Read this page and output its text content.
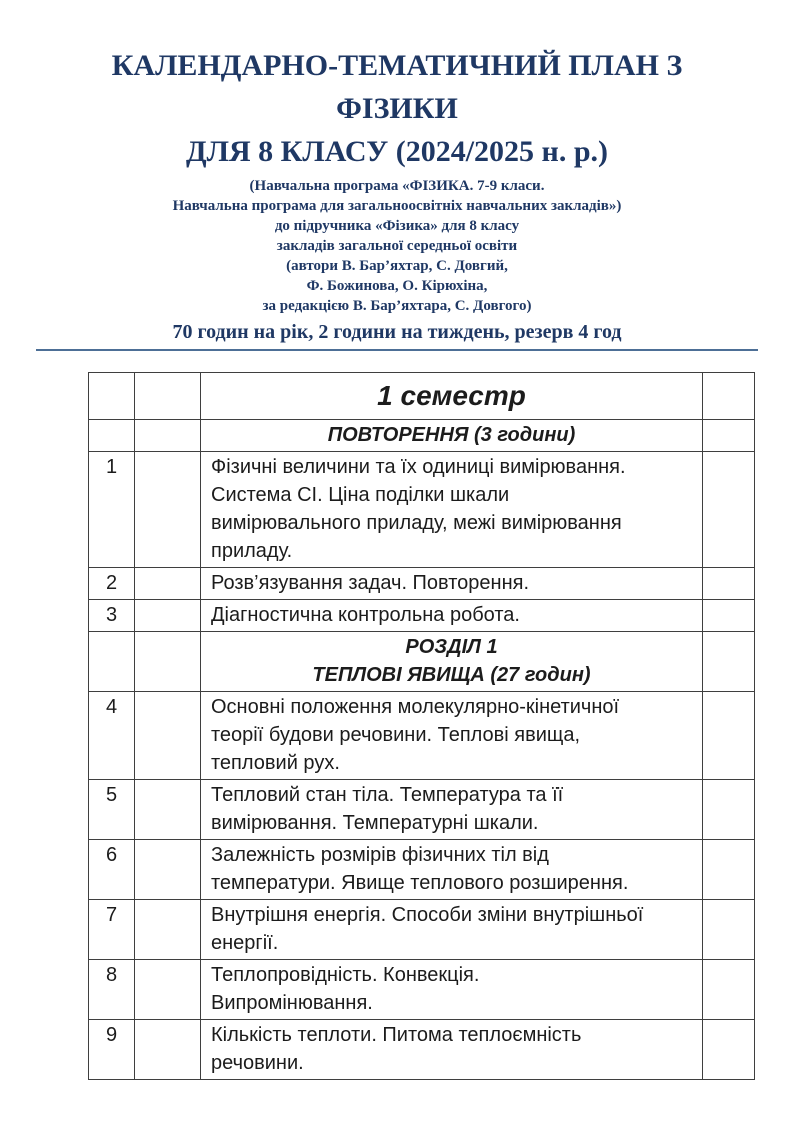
КАЛЕНДАРНО-ТЕМАТИЧНИЙ ПЛАН З
ФІЗИКИ
ДЛЯ 8 КЛАСУ (2024/2025 н. р.)
(Навчальна програма «ФІЗИКА. 7-9 класи.
Навчальна програма для загальноосвітніх навчальних закладів»)
до підручника «Фізика» для 8 класу
закладів загальної середньої освіти
(автори В. Бар’яхтар, С. Довгий,
Ф. Божинова, О. Кірюхіна,
за редакцією В. Бар’яхтара, С. Довгого)
70 годин на рік, 2 години на тиждень, резерв 4 год

		1 семестр	

		ПОВТОРЕННЯ (3 години)	

1		Фізичні величини та їх одиниці вимірювання.
Система СІ. Ціна поділки шкали
вимірювального приладу, межі вимірювання
приладу.	

2		Розв’язування задач. Повторення.	

3		Діагностична контрольна робота.	

		РОЗДІЛ 1
ТЕПЛОВІ ЯВИЩА (27 годин)	

4		Основні положення молекулярно-кінетичної
теорії будови речовини. Теплові явища,
тепловий рух.	

5		Тепловий стан тіла. Температура та її
вимірювання. Температурні шкали.	

6		Залежність розмірів фізичних тіл від
температури. Явище теплового розширення.	

7		Внутрішня енергія. Способи зміни внутрішньої
енергії.	

8		Теплопровідність. Конвекція.
Випромінювання.	

9		Кількість теплоти. Питома теплоємність
речовини.	
